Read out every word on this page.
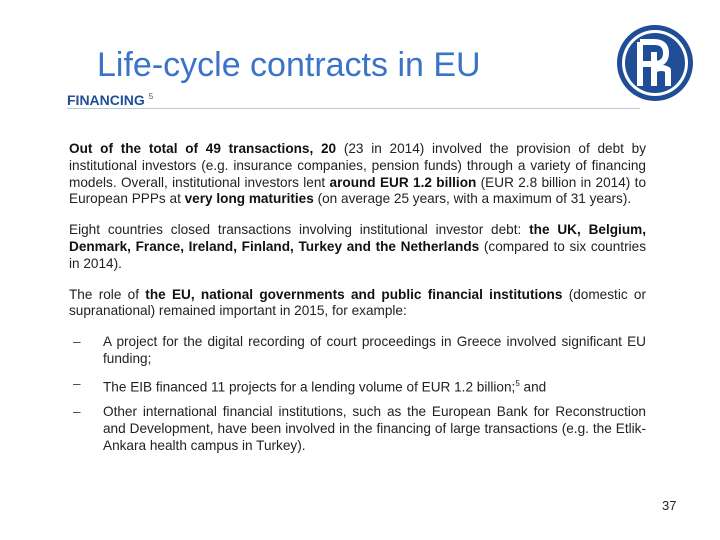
Life-cycle contracts in EU
FINANCING $^5$

Out of the total of 49 transactions, 20 (23 in 2014) involved the provision of debt by institutional investors (e.g. insurance companies, pension funds) through a variety of financing models. Overall, institutional investors lent around EUR 1.2 billion (EUR 2.8 billion in 2014) to European PPPs at very long maturities (on average 25 years, with a maximum of 31 years).

Eight countries closed transactions involving institutional investor debt: the UK, Belgium, Denmark, France, Ireland, Finland, Turkey and the Netherlands (compared to six countries in 2014).

The role of the EU, national governments and public financial institutions (domestic or supranational) remained important in 2015, for example:

– A project for the digital recording of court proceedings in Greece involved significant EU funding;
– The EIB financed 11 projects for a lending volume of EUR 1.2 billion;$^5$ and
– Other international financial institutions, such as the European Bank for Reconstruction and Development, have been involved in the financing of large transactions (e.g. the Etlik-Ankara health campus in Turkey).
37
